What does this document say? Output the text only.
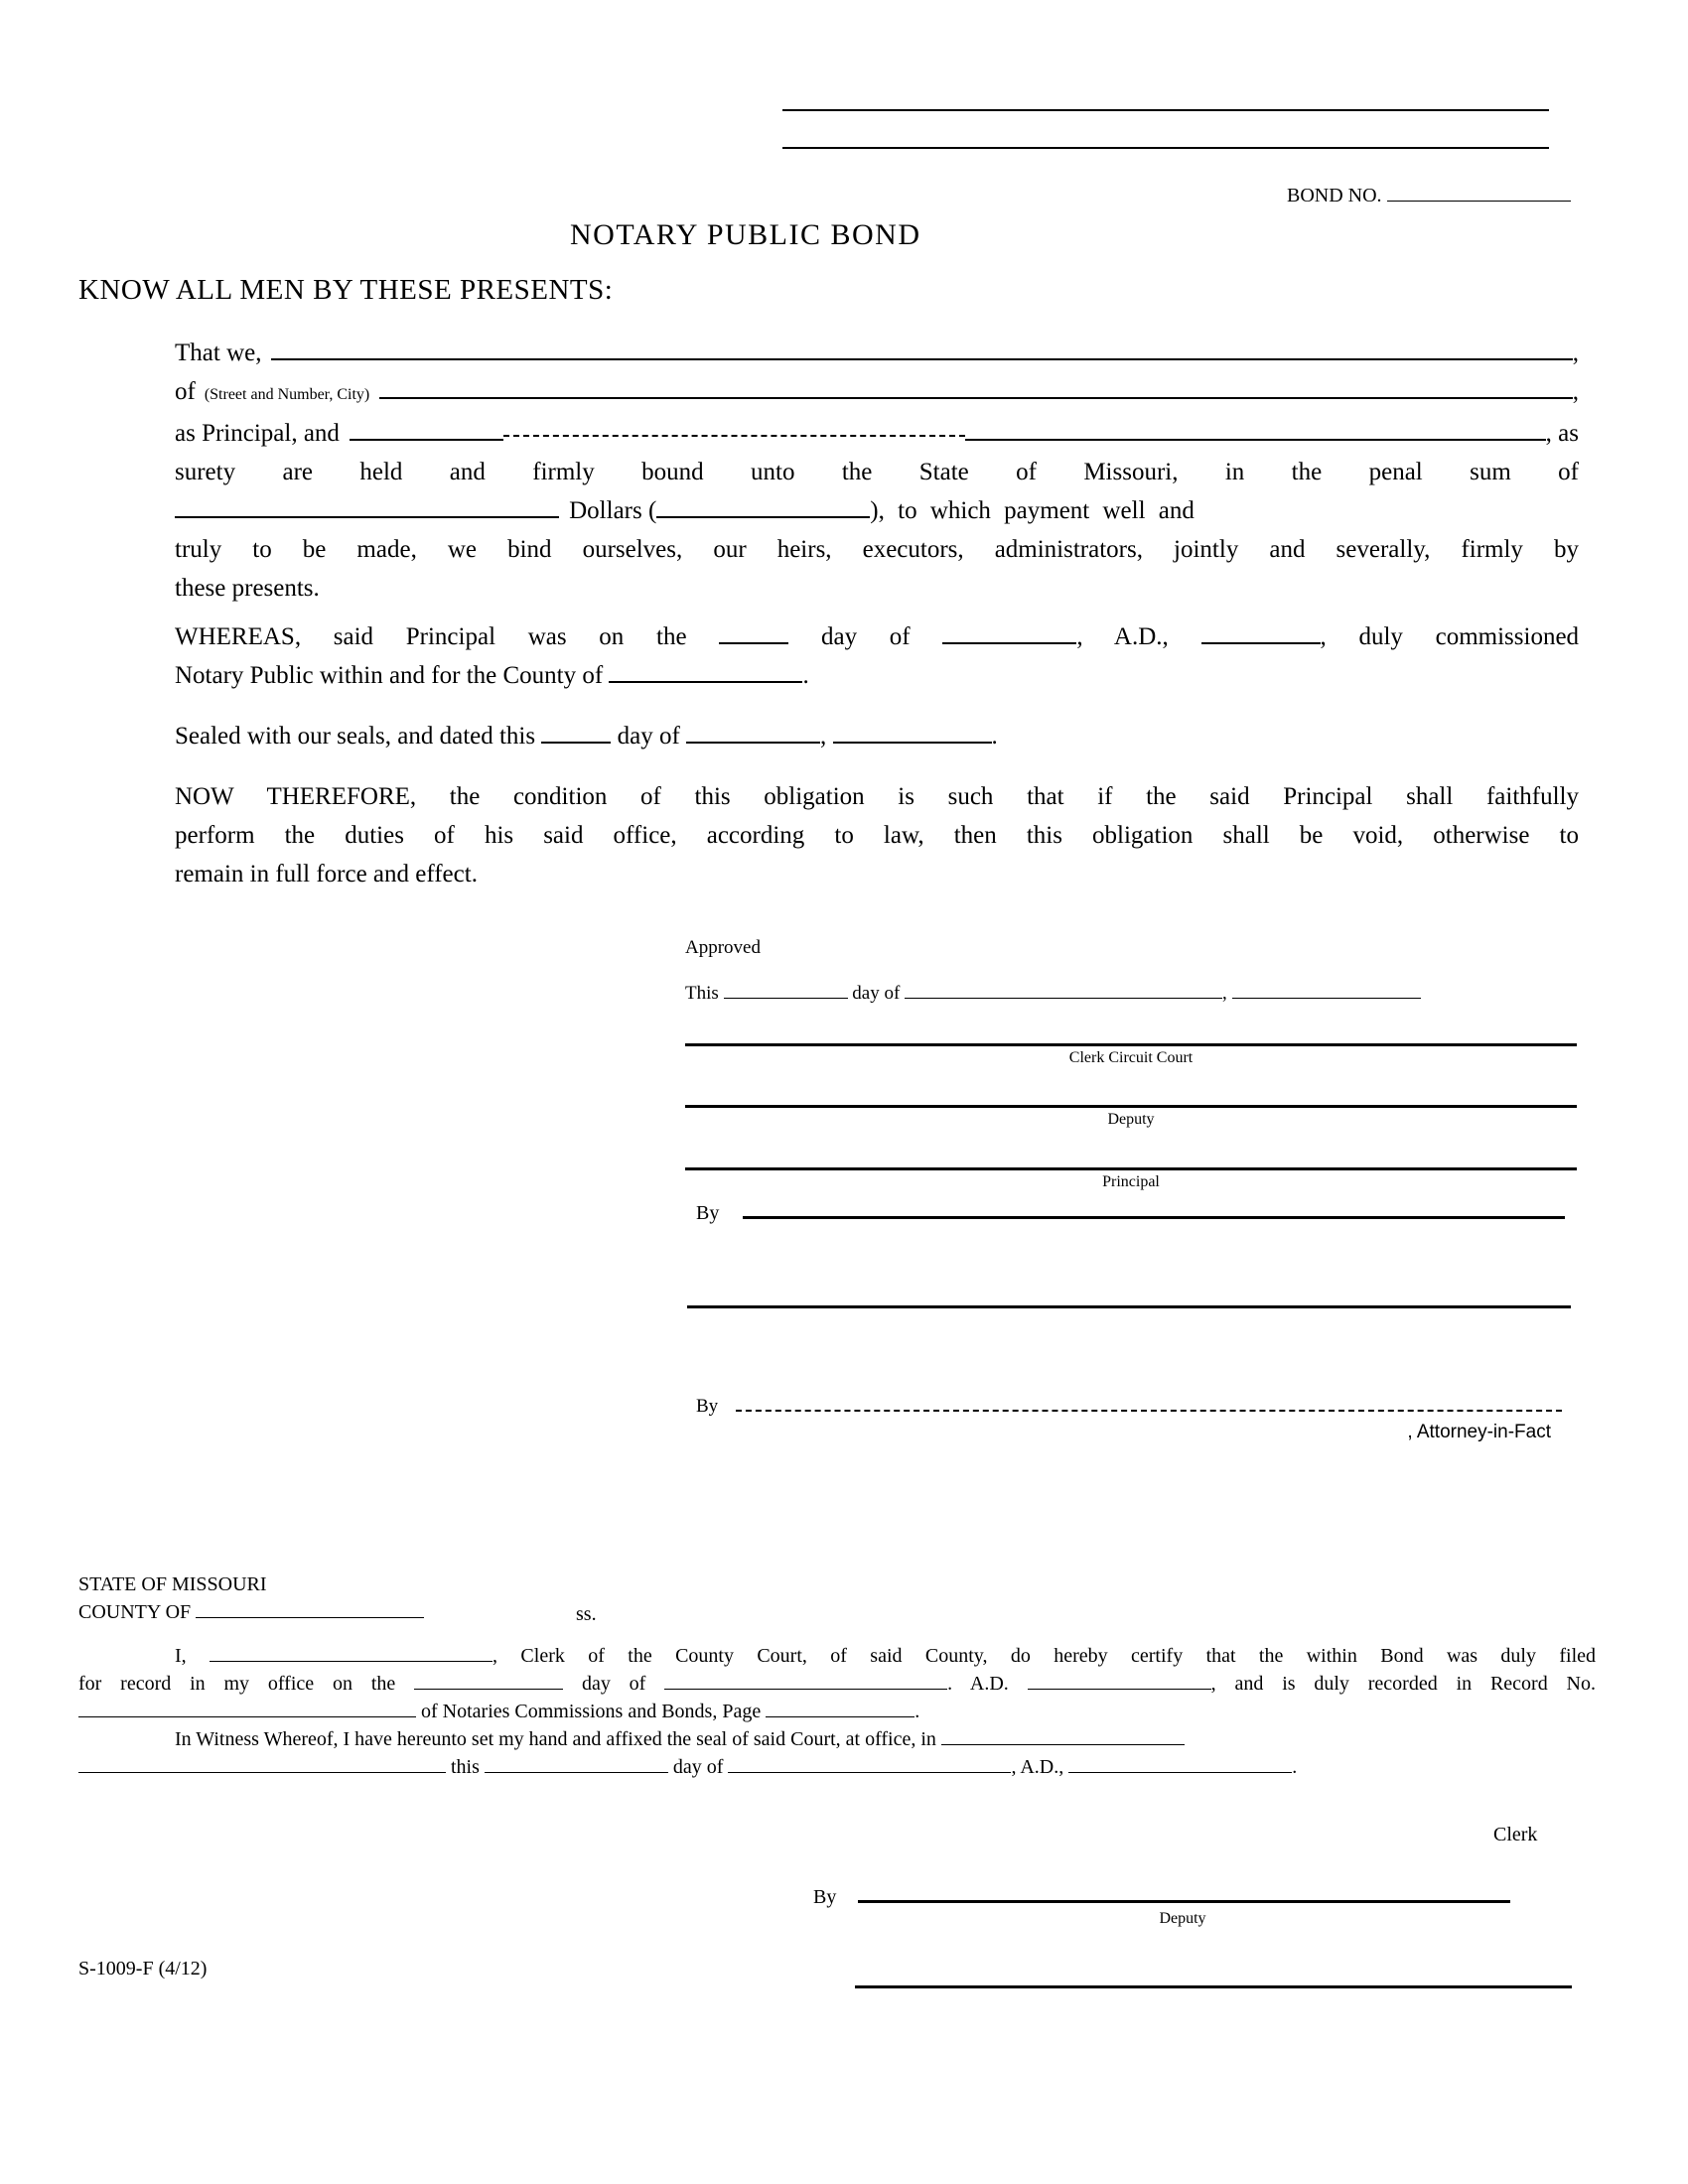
BOND NO.
NOTARY PUBLIC BOND
KNOW ALL MEN BY THESE PRESENTS:
That we,	,
of (Street and Number, City)	,
as Principal, and	, as
surety are held and firmly bound unto the State of Missouri, in the penal sum of
Dollars (	), to which payment well and
truly to be made, we bind ourselves, our heirs, executors, administrators, jointly and severally, firmly by
these presents.
WHEREAS, said Principal was on the	day of	, A.D.,	, duly commissioned
Notary Public within and for the County of	.
Sealed with our seals, and dated this	day of	,	.
NOW THEREFORE, the condition of this obligation is such that if the said Principal shall faithfully
perform the duties of his said office, according to law, then this obligation shall be void, otherwise to
remain in full force and effect.
Approved
This	day of	,
Clerk Circuit Court
Deputy
Principal
By
By
, Attorney-in-Fact
STATE OF MISSOURI
COUNTY OF	ss.
I,	, Clerk of the County Court, of said County, do hereby certify that the within Bond was duly filed
for record in my office on the	day of	. A.D.	, and is duly recorded in Record No.
of Notaries Commissions and Bonds, Page	.
In Witness Whereof, I have hereunto set my hand and affixed the seal of said Court, at office, in
this	day of	, A.D.,	.
Clerk
By
Deputy
S-1009-F (4/12)
